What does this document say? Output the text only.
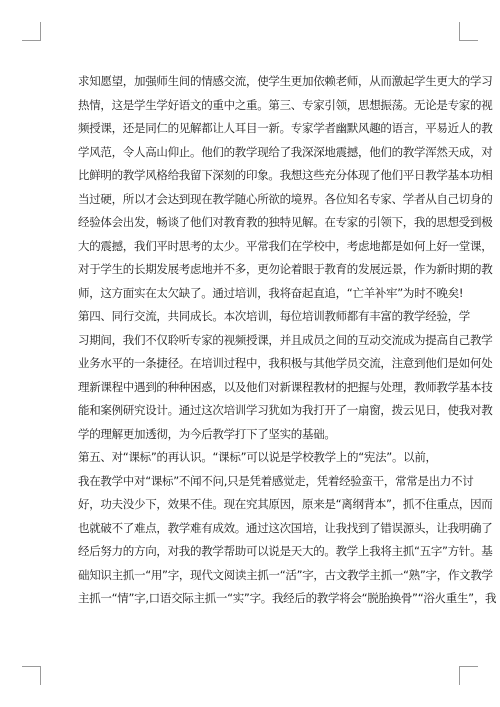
求知愿望，加强师生间的情感交流，使学生更加依赖老师，从而激起学生更大的学习
热情，这是学生学好语文的重中之重。第三、专家引领，思想振荡。无论是专家的视
频授课，还是同仁的见解都让人耳目一新。专家学者幽默风趣的语言，平易近人的教
学风范，令人高山仰止。他们的教学现给了我深深地震撼，他们的教学浑然天成，对
比鲜明的教学风格给我留下深刻的印象。我想这些充分体现了他们平日教学基本功相
当过硬，所以才会达到现在教学随心所欲的境界。各位知名专家、学者从自己切身的
经验体会出发，畅谈了他们对教育教的独特见解。在专家的引领下，我的思想受到极
大的震撼，我们平时思考的太少。平常我们在学校中，考虑地都是如何上好一堂课，
对于学生的长期发展考虑地并不多，更勿论着眼于教育的发展远景，作为新时期的教
师，这方面实在太欠缺了。通过培训，我将奋起直追，“亡羊补牢”为时不晚矣!
第四、同行交流，共同成长。本次培训，每位培训教师都有丰富的教学经验，学
习期间，我们不仅聆听专家的视频授课，并且成员之间的互动交流成为提高自己教学
业务水平的一条捷径。在培训过程中，我积极与其他学员交流，注意到他们是如何处
理新课程中遇到的种种困惑，以及他们对新课程教材的把握与处理，教师教学基本技
能和案例研究设计。通过这次培训学习犹如为我打开了一扇窗，拨云见日，使我对教
学的理解更加透彻，为今后教学打下了坚实的基础。
第五、对“课标”的再认识。“课标”可以说是学校教学上的“宪法”。以前，
我在教学中对“课标”不闻不问,只是凭着感觉走，凭着经验蛮干，常常是出力不讨
好，功夫没少下，效果不佳。现在究其原因，原来是“离纲背本”，抓不住重点，因而
也就破不了难点，教学难有成效。通过这次国培，让我找到了错误源头，让我明确了
经后努力的方向，对我的教学帮助可以说是天大的。教学上我将主抓“五字”方针。基
础知识主抓一“用”字，现代文阅读主抓一“活”字，古文教学主抓一“熟”字，作文教学
主抓一“情”字,口语交际主抓一“实”字。我经后的教学将会“脱胎换骨”“浴火重生”，我
